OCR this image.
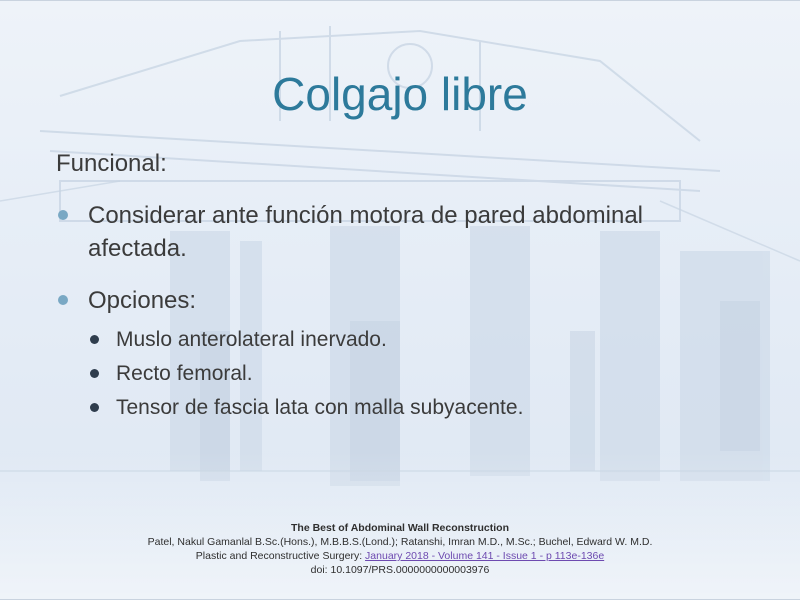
Colgajo libre
Funcional:
Considerar ante función motora de pared abdominal afectada.
Opciones:
Muslo anterolateral inervado.
Recto femoral.
Tensor de fascia lata con malla subyacente.
The Best of Abdominal Wall Reconstruction
Patel, Nakul Gamanlal B.Sc.(Hons.), M.B.B.S.(Lond.); Ratanshi, Imran M.D., M.Sc.; Buchel, Edward W. M.D.
Plastic and Reconstructive Surgery: January 2018 - Volume 141 - Issue 1 - p 113e-136e
doi: 10.1097/PRS.0000000000003976
